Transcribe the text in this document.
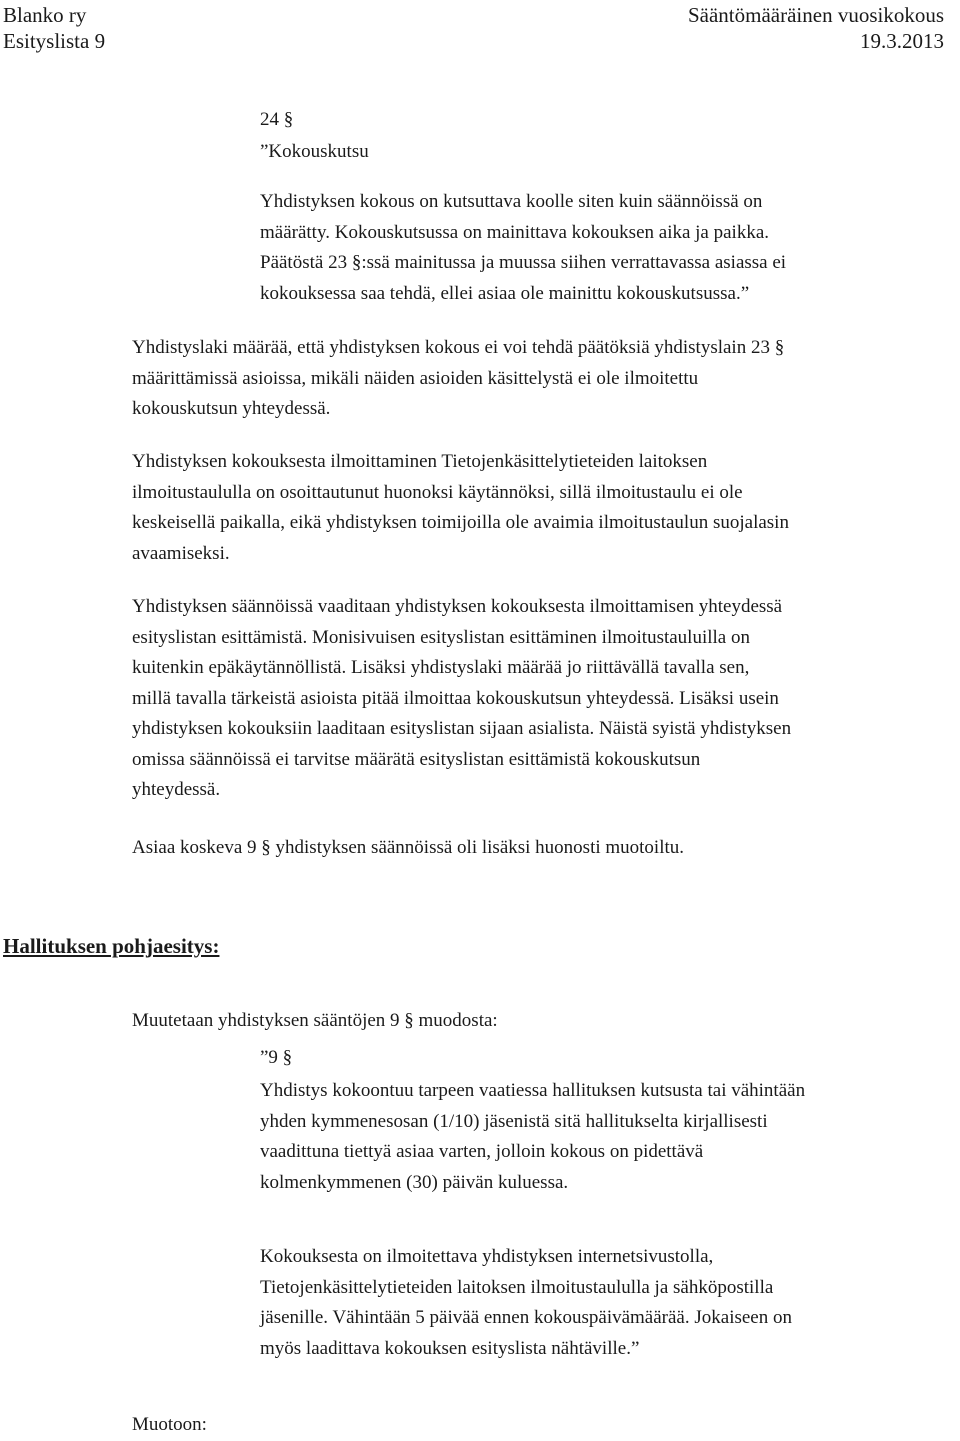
Blanko ry
Esityslista 9
Sääntömääräinen vuosikokous
19.3.2013
24 §
”Kokouskutsu

Yhdistyksen kokous on kutsuttava koolle siten kuin säännöissä on

määrätty. Kokouskutsussa on mainittava kokouksen aika ja paikka.

Päätöstä 23 §:ssä mainitussa ja muussa siihen verrattavassa asiassa ei

kokouksessa saa tehdä, ellei asiaa ole mainittu kokouskutsussa.”

Yhdistyslaki määrää, että yhdistyksen kokous ei voi tehdä päätöksiä yhdistyslain 23 §

määrittämissä asioissa, mikäli näiden asioiden käsittelystä ei ole ilmoitettu

kokouskutsun yhteydessä.

Yhdistyksen kokouksesta ilmoittaminen Tietojenkäsittelytieteiden laitoksen

ilmoitustaululla on osoittautunut huonoksi käytännöksi, sillä ilmoitustaulu ei ole

keskeisellä paikalla, eikä yhdistyksen toimijoilla ole avaimia ilmoitustaulun suojalasin

avaamiseksi.

Yhdistyksen säännöissä vaaditaan yhdistyksen kokouksesta ilmoittamisen yhteydessä

esityslistan esittämistä. Monisivuisen esityslistan esittäminen ilmoitustauluilla on

kuitenkin epäkäytännöllistä. Lisäksi yhdistyslaki määrää jo riittävällä tavalla sen,

millä tavalla tärkeistä asioista pitää ilmoittaa kokouskutsun yhteydessä. Lisäksi usein

yhdistyksen kokouksiin laaditaan esityslistan sijaan asialista. Näistä syistä yhdistyksen

omissa säännöissä ei tarvitse määrätä esityslistan esittämistä kokouskutsun

yhteydessä.

Asiaa koskeva 9 § yhdistyksen säännöissä oli lisäksi huonosti muotoiltu.

Hallituksen pohjaesitys:
Muutetaan yhdistyksen sääntöjen 9 § muodosta:
”9 §

Yhdistys kokoontuu tarpeen vaatiessa hallituksen kutsusta tai vähintään

yhden kymmenesosan (1/10) jäsenistä sitä hallitukselta kirjallisesti

vaadittuna tiettyä asiaa varten, jolloin kokous on pidettävä

kolmenkymmenen (30) päivän kuluessa.

Kokouksesta on ilmoitettava yhdistyksen internetsivustolla,

Tietojenkäsittelytieteiden laitoksen ilmoitustaululla ja sähköpostilla

jäsenille. Vähintään 5 päivää ennen kokouspäivämäärää. Jokaiseen on

myös laadittava kokouksen esityslista nähtäville.”

Muotoon:
